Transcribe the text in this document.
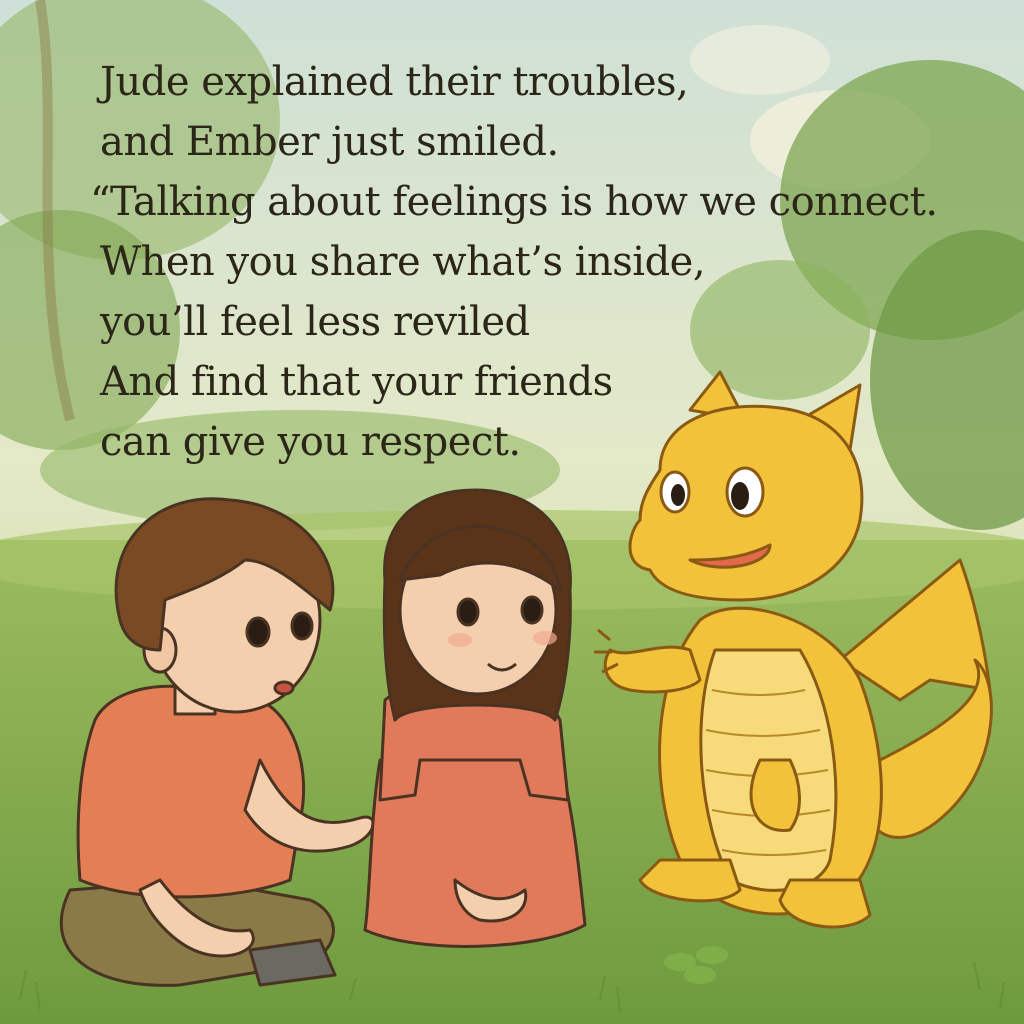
Jude explained their troubles,
and Ember just smiled.
“Talking about feelings is how we connect.
When you share what’s inside,
you’ll feel less reviled
And find that your friends
can give you respect.
